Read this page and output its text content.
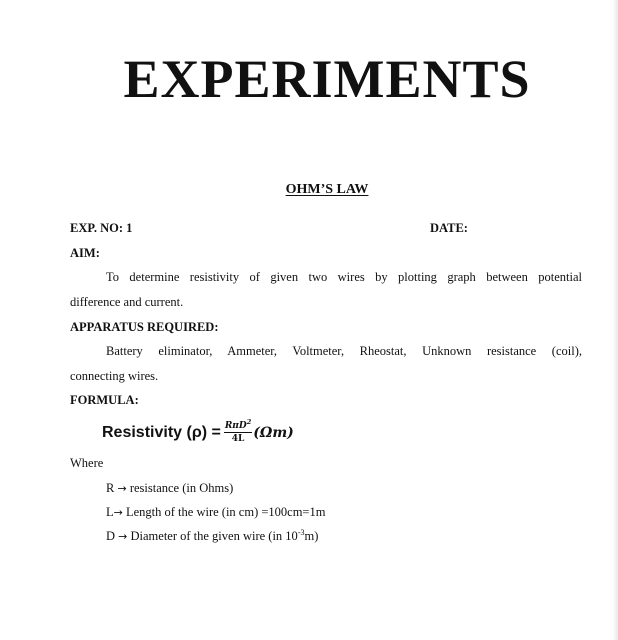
EXPERIMENTS
OHM’S LAW
EXP. NO: 1	DATE:
AIM:
To determine resistivity of given two wires by plotting graph between potential
difference and current.
APPARATUS REQUIRED:
Battery eliminator, Ammeter, Voltmeter, Rheostat, Unknown resistance (coil),
connecting wires.
FORMULA:
Resistivity $(\rho) = \frac{R\pi D^2}{4L} (\Omega m)$
Where
R → resistance (in Ohms)
L→ Length of the wire (in cm) =100cm=1m
D → Diameter of the given wire (in $10^{-3}m$)
